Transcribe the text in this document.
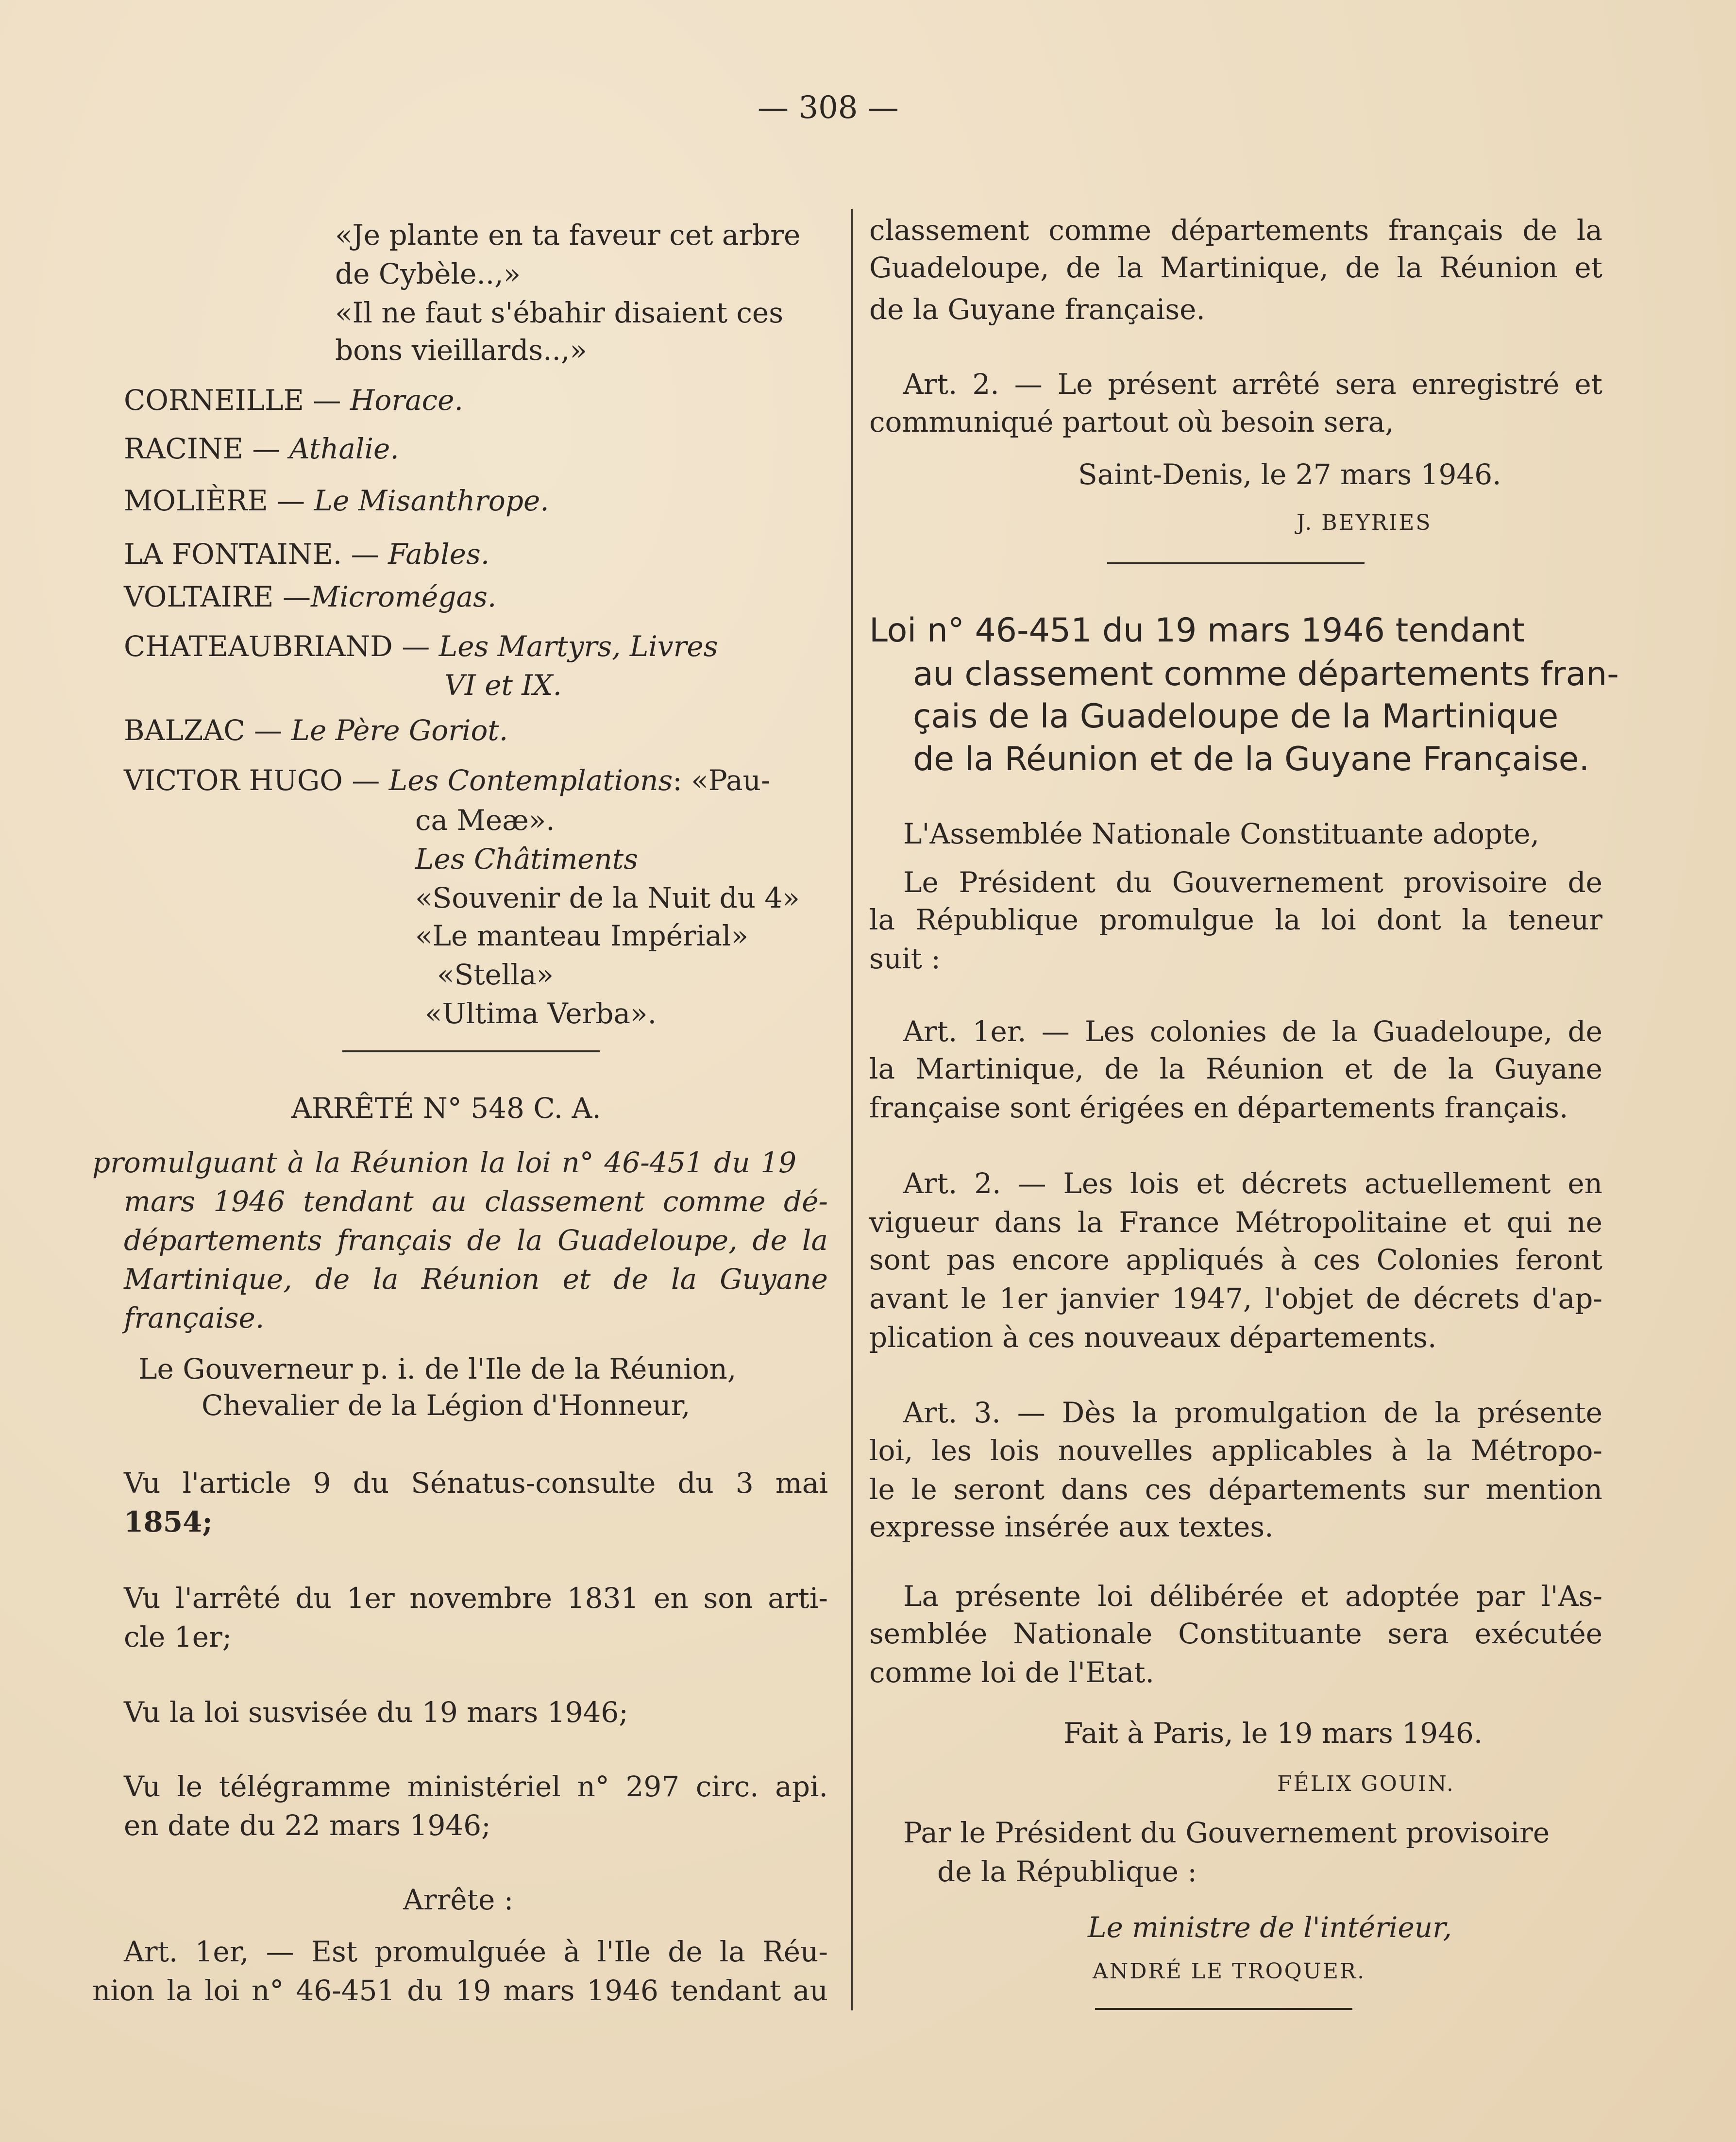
— 308 —
«Je plante en ta faveur cet arbre
de Cybèle..,»
«Il ne faut s'ébahir disaient ces
bons vieillards..,»
CORNEILLE — Horace.
RACINE — Athalie.
MOLIÈRE — Le Misanthrope.
LA FONTAINE. — Fables.
VOLTAIRE —Micromégas.
CHATEAUBRIAND — Les Martyrs, Livres
VI et IX.
BALZAC — Le Père Goriot.
VICTOR HUGO — Les Contemplations: «Pau-
ca Meæ».
Les Châtiments
«Souvenir de la Nuit du 4»
«Le manteau Impérial»
«Stella»
«Ultima Verba».
ARRÊTÉ N° 548 C. A.
promulguant à la Réunion la loi n° 46-451 du 19
mars 1946 tendant au classement comme dé-
départements français de la Guadeloupe, de la
Martinique, de la Réunion et de la Guyane
française.
Le Gouverneur p. i. de l'Ile de la Réunion,
Chevalier de la Légion d'Honneur,
Vu l'article 9 du Sénatus-consulte du 3 mai
1854;
Vu l'arrêté du 1er novembre 1831 en son arti-
cle 1er;
Vu la loi susvisée du 19 mars 1946;
Vu le télégramme ministériel n° 297 circ. api.
en date du 22 mars 1946;
Arrête :
Art. 1er, — Est promulguée à l'Ile de la Réu-
nion la loi n° 46-451 du 19 mars 1946 tendant au
classement comme départements français de la
Guadeloupe, de la Martinique, de la Réunion et
de la Guyane française.
Art. 2. — Le présent arrêté sera enregistré et
communiqué partout où besoin sera,
Saint-Denis, le 27 mars 1946.
J. BEYRIES
Loi n° 46-451 du 19 mars 1946 tendant
au classement comme départements fran-
çais de la Guadeloupe de la Martinique
de la Réunion et de la Guyane Française.
L'Assemblée Nationale Constituante adopte,
Le Président du Gouvernement provisoire de
la République promulgue la loi dont la teneur
suit :
Art. 1er. — Les colonies de la Guadeloupe, de
la Martinique, de la Réunion et de la Guyane
française sont érigées en départements français.
Art. 2. — Les lois et décrets actuellement en
vigueur dans la France Métropolitaine et qui ne
sont pas encore appliqués à ces Colonies feront
avant le 1er janvier 1947, l'objet de décrets d'ap-
plication à ces nouveaux départements.
Art. 3. — Dès la promulgation de la présente
loi, les lois nouvelles applicables à la Métropo-
le le seront dans ces départements sur mention
expresse insérée aux textes.
La présente loi délibérée et adoptée par l'As-
semblée Nationale Constituante sera exécutée
comme loi de l'Etat.
Fait à Paris, le 19 mars 1946.
FÉLIX GOUIN.
Par le Président du Gouvernement provisoire
de la République :
Le ministre de l'intérieur,
ANDRÉ LE TROQUER.
